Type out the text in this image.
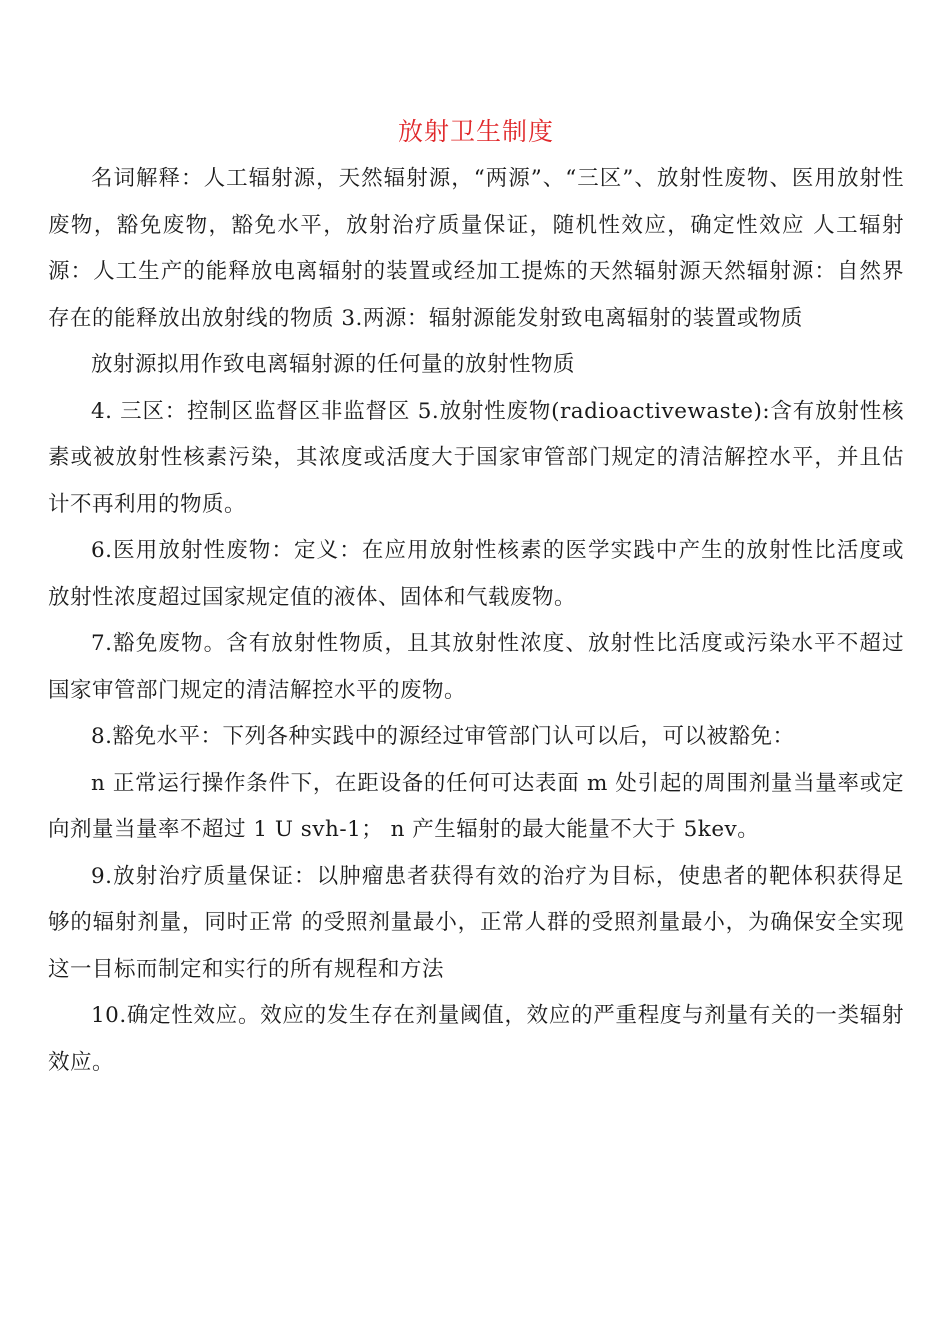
放射卫生制度

名词解释：人工辐射源，天然辐射源，“两源”、“三区”、放射性废物、医用放射性废物，豁免废物，豁免水平，放射治疗质量保证，随机性效应，确定性效应 人工辐射源：人工生产的能释放电离辐射的装置或经加工提炼的天然辐射源天然辐射源：自然界存在的能释放出放射线的物质 3.两源：辐射源能发射致电离辐射的装置或物质

放射源拟用作致电离辐射源的任何量的放射性物质

4. 三区：控制区监督区非监督区 5.放射性废物(radioactivewaste):含有放射性核素或被放射性核素污染，其浓度或活度大于国家审管部门规定的清洁解控水平，并且估计不再利用的物质。

6.医用放射性废物：定义：在应用放射性核素的医学实践中产生的放射性比活度或放射性浓度超过国家规定值的液体、固体和气载废物。

7.豁免废物。含有放射性物质，且其放射性浓度、放射性比活度或污染水平不超过国家审管部门规定的清洁解控水平的废物。

8.豁免水平：下列各种实践中的源经过审管部门认可以后，可以被豁免：

n 正常运行操作条件下，在距设备的任何可达表面 m 处引起的周围剂量当量率或定向剂量当量率不超过 1 U svh-1； n 产生辐射的最大能量不大于 5kev。

9.放射治疗质量保证：以肿瘤患者获得有效的治疗为目标，使患者的靶体积获得足够的辐射剂量，同时正常 的受照剂量最小，正常人群的受照剂量最小，为确保安全实现这一目标而制定和实行的所有规程和方法

10.确定性效应。效应的发生存在剂量阈值，效应的严重程度与剂量有关的一类辐射效应。
